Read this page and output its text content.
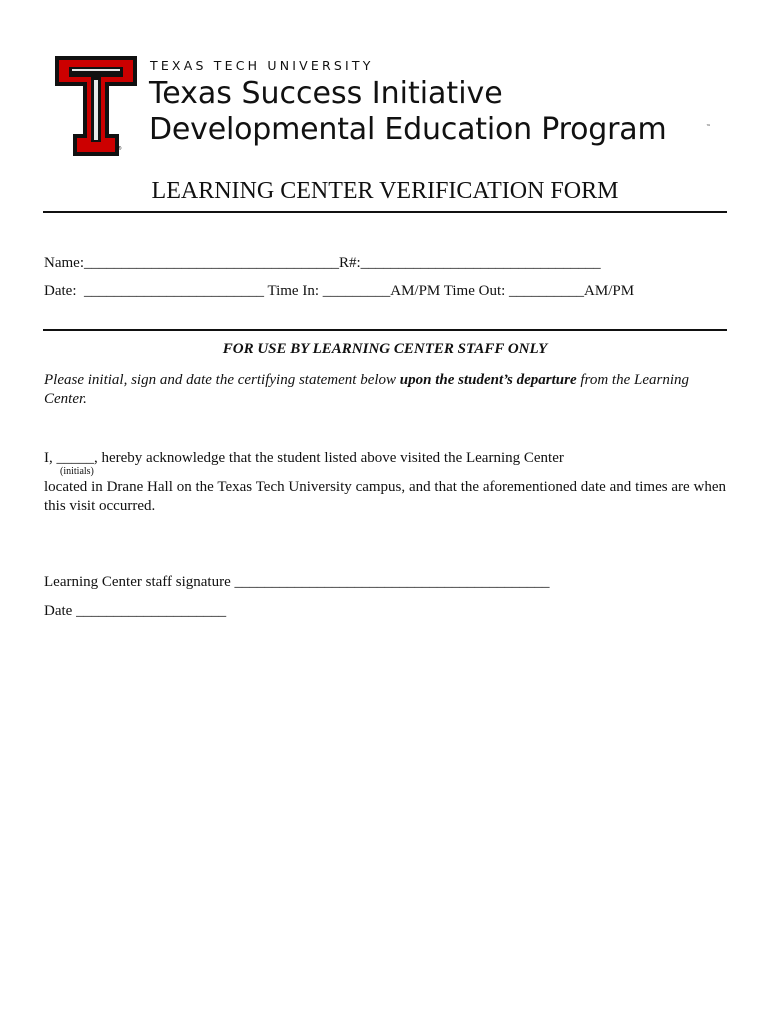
®
TEXAS TECH UNIVERSITY
Texas Success Initiative
Developmental Education Program	™
LEARNING CENTER VERIFICATION FORM
Name:__________________________________R#:________________________________
Date:  ________________________ Time In: _________AM/PM Time Out: __________AM/PM
FOR USE BY LEARNING CENTER STAFF ONLY
Please initial, sign and date the certifying statement below upon the student’s departure from the Learning Center.
I, _____, hereby acknowledge that the student listed above visited the Learning Center
(initials)
located in Drane Hall on the Texas Tech University campus, and that the aforementioned date and times are when this visit occurred.
Learning Center staff signature __________________________________________
Date ____________________
